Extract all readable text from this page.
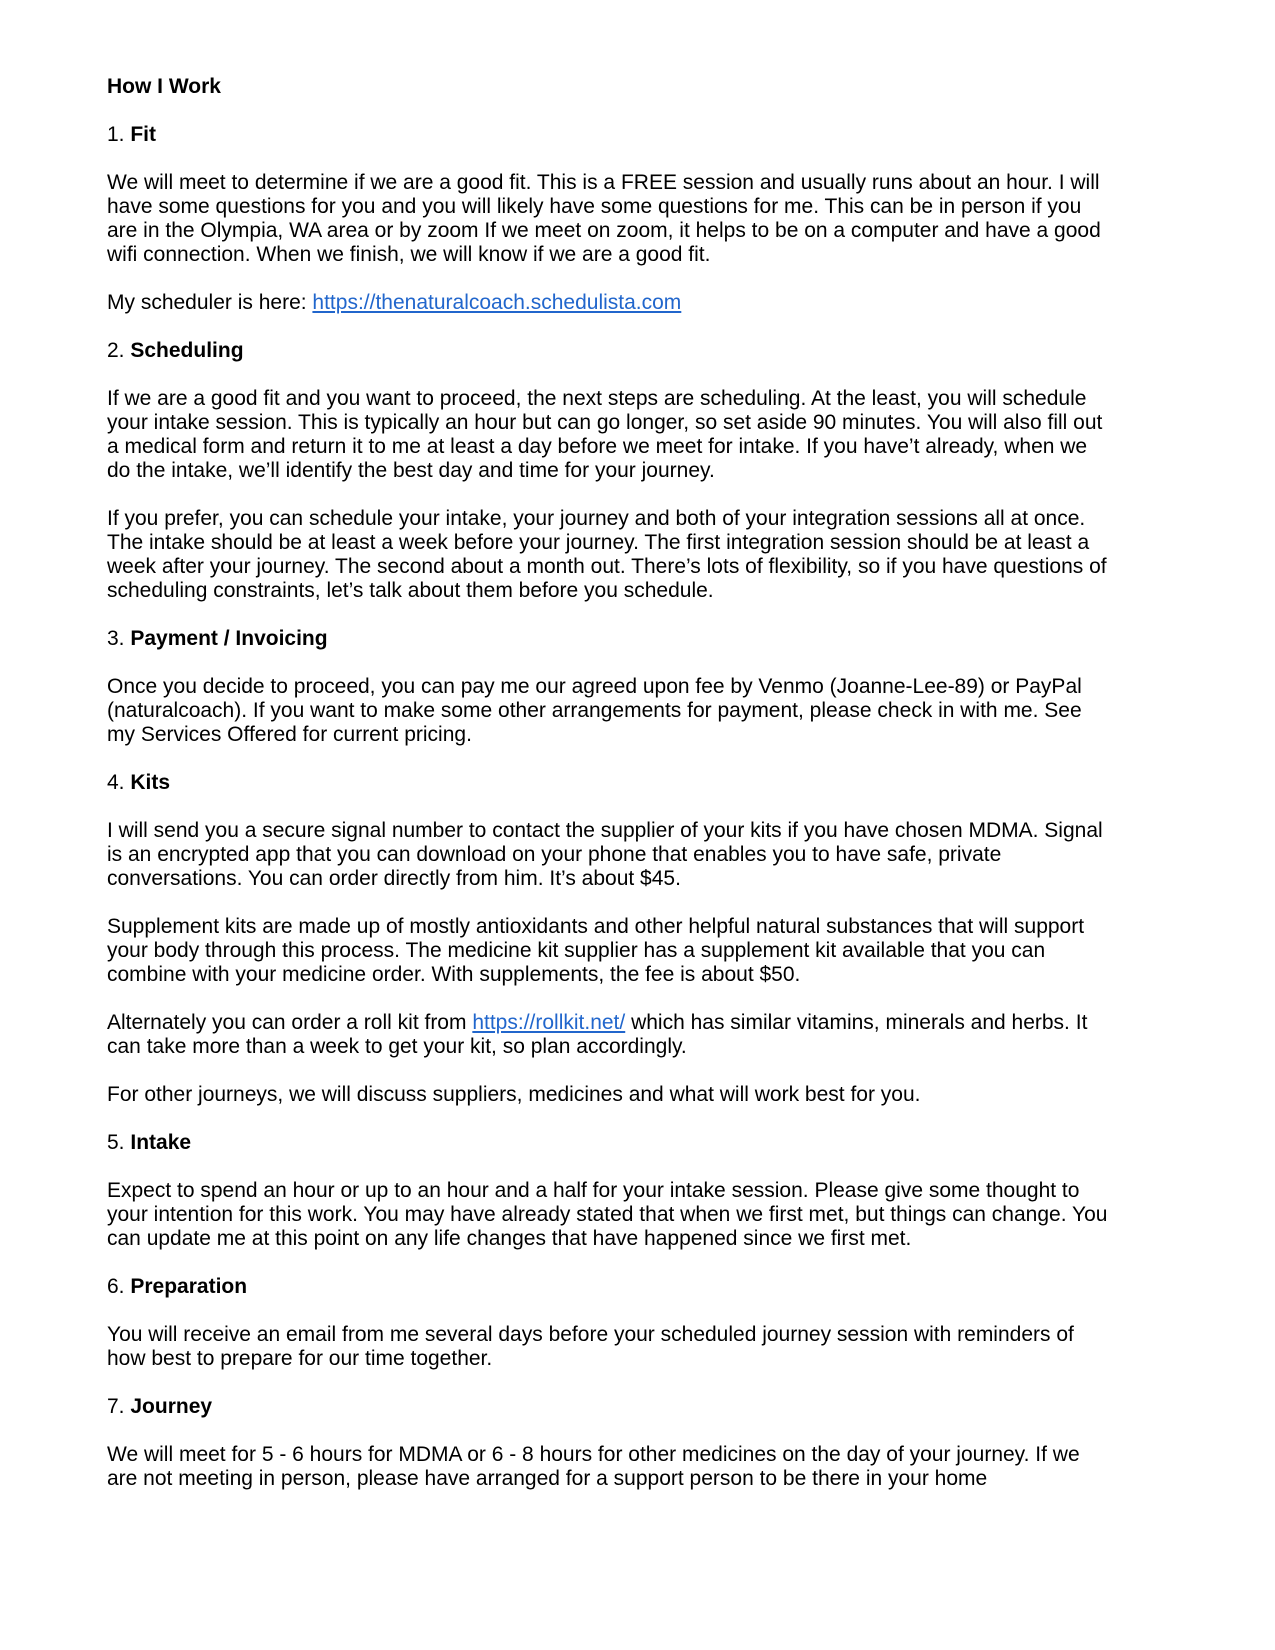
How I Work
1. Fit

We will meet to determine if we are a good fit. This is a FREE session and usually runs about an hour. I will have some questions for you and you will likely have some questions for me. This can be in person if you are in the Olympia, WA area or by zoom If we meet on zoom, it helps to be on a computer and have a good wifi connection. When we finish, we will know if we are a good fit.

My scheduler is here: https://thenaturalcoach.schedulista.com

2. Scheduling

If we are a good fit and you want to proceed, the next steps are scheduling. At the least, you will schedule your intake session. This is typically an hour but can go longer, so set aside 90 minutes. You will also fill out a medical form and return it to me at least a day before we meet for intake. If you have’t already, when we do the intake, we’ll identify the best day and time for your journey.

If you prefer, you can schedule your intake, your journey and both of your integration sessions all at once. The intake should be at least a week before your journey. The first integration session should be at least a week after your journey. The second about a month out. There’s lots of flexibility, so if you have questions of scheduling constraints, let’s talk about them before you schedule.

3. Payment / Invoicing

Once you decide to proceed, you can pay me our agreed upon fee by Venmo (Joanne-Lee-89) or PayPal (naturalcoach). If you want to make some other arrangements for payment, please check in with me. See my Services Offered for current pricing.

4. Kits

I will send you a secure signal number to contact the supplier of your kits if you have chosen MDMA. Signal is an encrypted app that you can download on your phone that enables you to have safe, private conversations. You can order directly from him. It’s about $45.

Supplement kits are made up of mostly antioxidants and other helpful natural substances that will support your body through this process. The medicine kit supplier has a supplement kit available that you can combine with your medicine order. With supplements, the fee is about $50.

Alternately you can order a roll kit from https://rollkit.net/ which has similar vitamins, minerals and herbs. It can take more than a week to get your kit, so plan accordingly.

For other journeys, we will discuss suppliers, medicines and what will work best for you.

5. Intake

Expect to spend an hour or up to an hour and a half for your intake session. Please give some thought to your intention for this work. You may have already stated that when we first met, but things can change. You can update me at this point on any life changes that have happened since we first met.

6. Preparation

You will receive an email from me several days before your scheduled journey session with reminders of how best to prepare for our time together.

7. Journey

We will meet for 5 - 6 hours for MDMA or 6 - 8 hours for other medicines on the day of your journey. If we are not meeting in person, please have arranged for a support person to be there in your home
